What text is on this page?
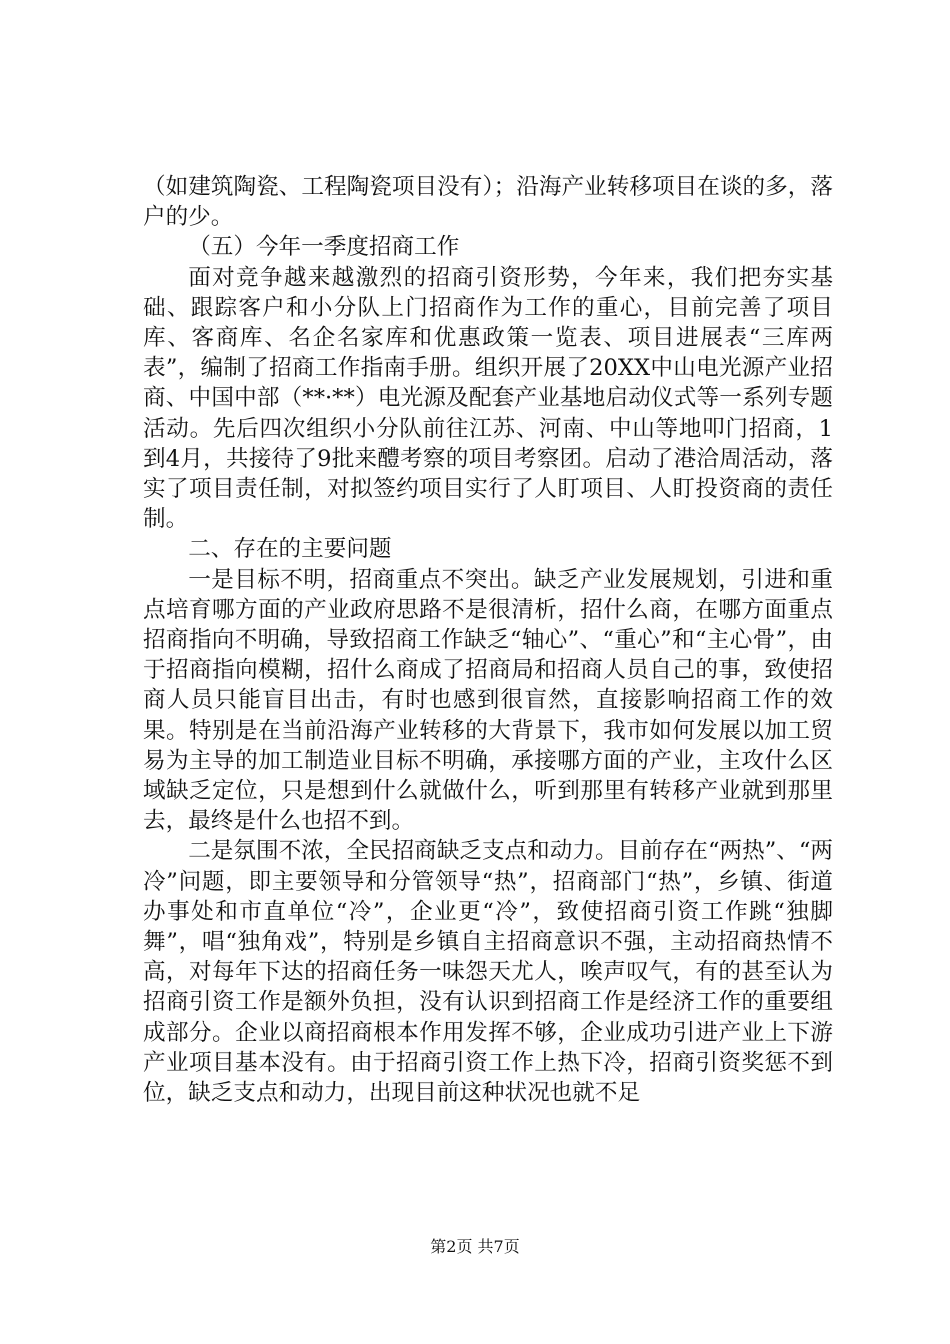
（如建筑陶瓷、工程陶瓷项目没有）；沿海产业转移项目在谈的多，落户的少。

（五）今年一季度招商工作

面对竞争越来越激烈的招商引资形势，今年来，我们把夯实基础、跟踪客户和小分队上门招商作为工作的重心，目前完善了项目库、客商库、名企名家库和优惠政策一览表、项目进展表“三库两表”，编制了招商工作指南手册。组织开展了20XX中山电光源产业招商、中国中部（**·**）电光源及配套产业基地启动仪式等一系列专题活动。先后四次组织小分队前往江苏、河南、中山等地叩门招商，1到4月，共接待了9批来醴考察的项目考察团。启动了港洽周活动，落实了项目责任制，对拟签约项目实行了人盯项目、人盯投资商的责任制。

二、存在的主要问题

一是目标不明，招商重点不突出。缺乏产业发展规划，引进和重点培育哪方面的产业政府思路不是很清析，招什么商，在哪方面重点招商指向不明确，导致招商工作缺乏“轴心”、“重心”和“主心骨”，由于招商指向模糊，招什么商成了招商局和招商人员自己的事，致使招商人员只能盲目出击，有时也感到很盲然，直接影响招商工作的效果。特别是在当前沿海产业转移的大背景下，我市如何发展以加工贸易为主导的加工制造业目标不明确，承接哪方面的产业，主攻什么区域缺乏定位，只是想到什么就做什么，听到那里有转移产业就到那里去，最终是什么也招不到。

二是氛围不浓，全民招商缺乏支点和动力。目前存在“两热”、“两冷”问题，即主要领导和分管领导“热”，招商部门“热”，乡镇、街道办事处和市直单位“冷”，企业更“冷”，致使招商引资工作跳“独脚舞”，唱“独角戏”，特别是乡镇自主招商意识不强，主动招商热情不高，对每年下达的招商任务一味怨天尤人，唉声叹气，有的甚至认为招商引资工作是额外负担，没有认识到招商工作是经济工作的重要组成部分。企业以商招商根本作用发挥不够，企业成功引进产业上下游产业项目基本没有。由于招商引资工作上热下冷，招商引资奖惩不到位，缺乏支点和动力，出现目前这种状况也就不足

第2页 共7页
